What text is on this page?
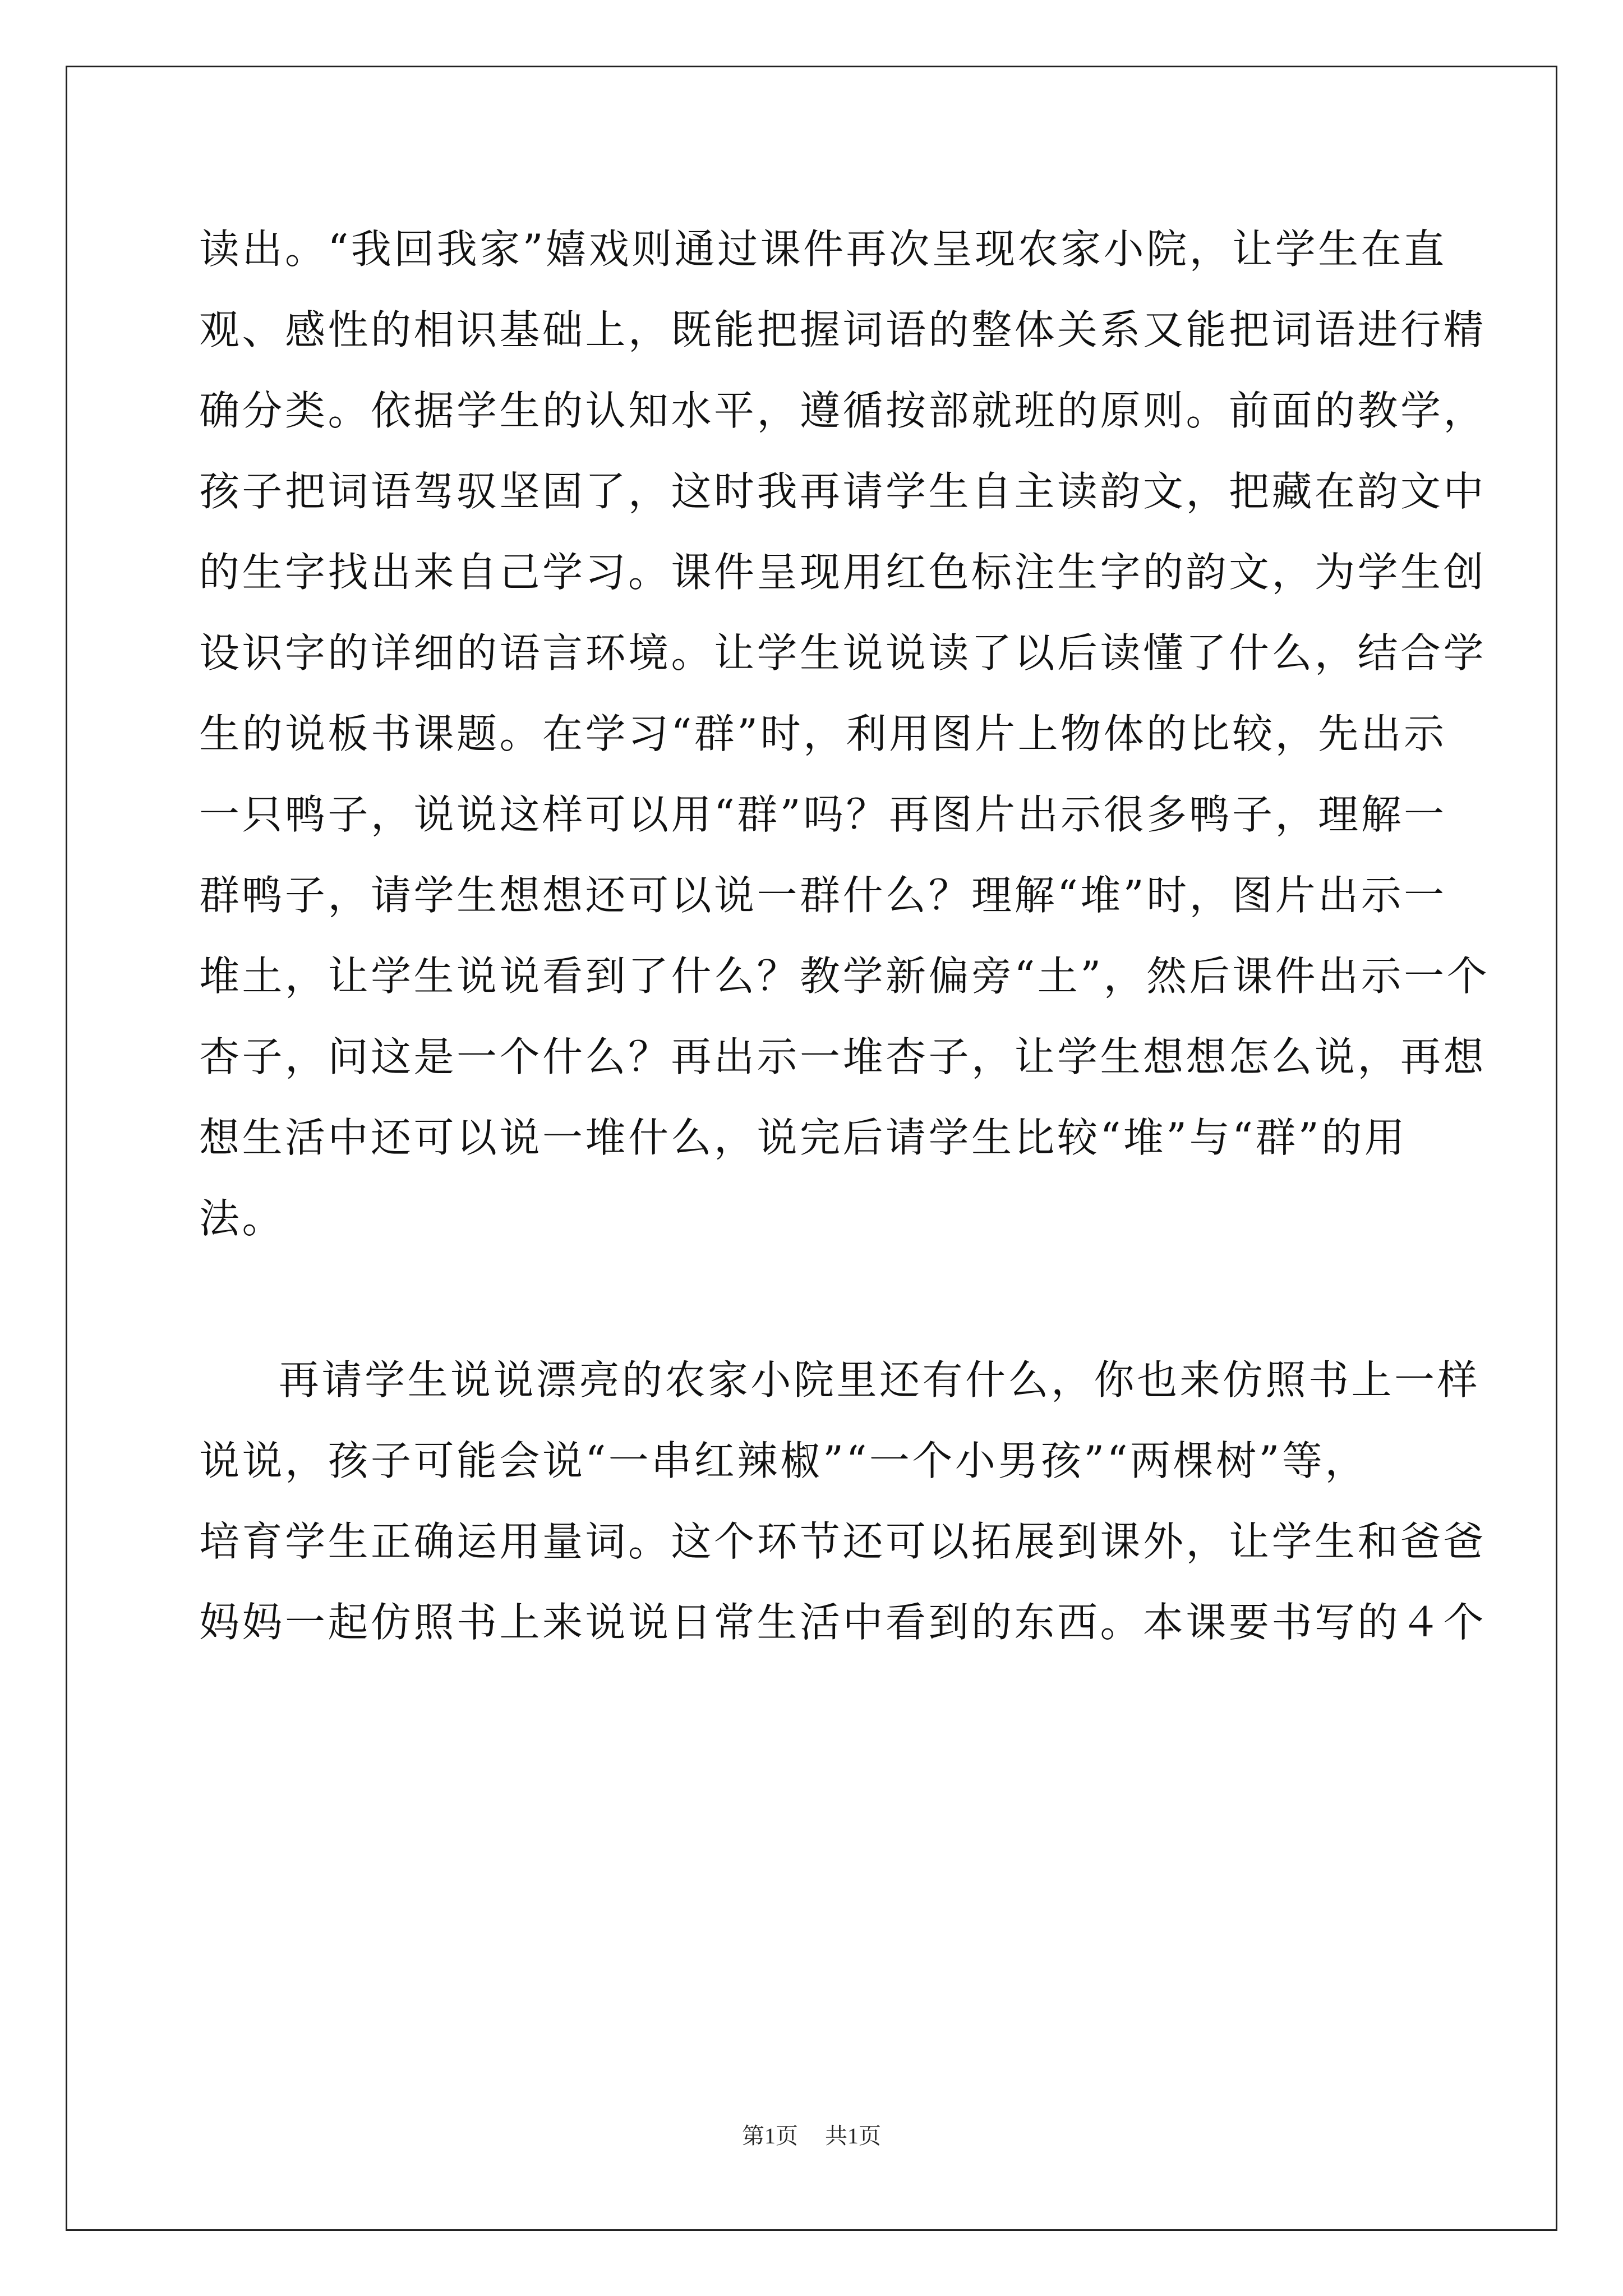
读出。“我回我家”嬉戏则通过课件再次呈现农家小院，让学生在直
观、感性的相识基础上，既能把握词语的整体关系又能把词语进行精
确分类。依据学生的认知水平，遵循按部就班的原则。前面的教学，
孩子把词语驾驭坚固了，这时我再请学生自主读韵文，把藏在韵文中
的生字找出来自己学习。课件呈现用红色标注生字的韵文，为学生创
设识字的详细的语言环境。让学生说说读了以后读懂了什么，结合学
生的说板书课题。在学习“群”时，利用图片上物体的比较，先出示
一只鸭子，说说这样可以用“群”吗？再图片出示很多鸭子，理解一
群鸭子，请学生想想还可以说一群什么？理解“堆”时，图片出示一
堆土，让学生说说看到了什么？教学新偏旁“土”，然后课件出示一个
杏子，问这是一个什么？再出示一堆杏子，让学生想想怎么说，再想
想生活中还可以说一堆什么，说完后请学生比较“堆”与“群”的用
法。
再请学生说说漂亮的农家小院里还有什么，你也来仿照书上一样
说说，孩子可能会说“一串红辣椒”“一个小男孩”“两棵树”等，
培育学生正确运用量词。这个环节还可以拓展到课外，让学生和爸爸
妈妈一起仿照书上来说说日常生活中看到的东西。本课要书写的４个
第1页 共1页
